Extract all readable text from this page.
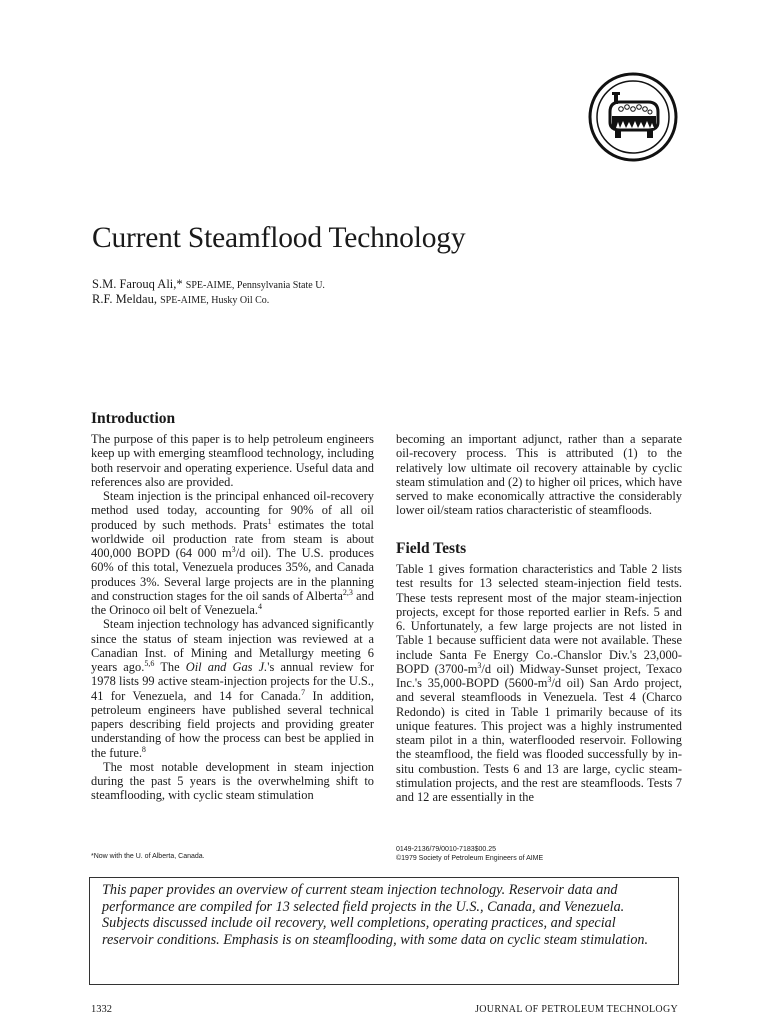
Current Steamflood Technology
S.M. Farouq Ali,* SPE-AIME, Pennsylvania State U.
R.F. Meldau, SPE-AIME, Husky Oil Co.
Introduction

The purpose of this paper is to help petroleum engineers keep up with emerging steamflood technology, including both reservoir and operating experience. Useful data and references also are provided.

Steam injection is the principal enhanced oil-recovery method used today, accounting for 90% of all oil produced by such methods. Prats$^1$ estimates the total worldwide oil production rate from steam is about 400,000 BOPD (64 000 $m^3/d$ oil). The U.S. produces 60% of this total, Venezuela produces 35%, and Canada produces 3%. Several large projects are in the planning and construction stages for the oil sands of Alberta$^{2,3}$ and the Orinoco oil belt of Venezuela.$^4$

Steam injection technology has advanced significantly since the status of steam injection was reviewed at a Canadian Inst. of Mining and Metallurgy meeting 6 years ago.$^{5,6}$ The Oil and Gas J.'s annual review for 1978 lists 99 active steam-injection projects for the U.S., 41 for Venezuela, and 14 for Canada.$^7$ In addition, petroleum engineers have published several technical papers describing field projects and providing greater understanding of how the process can best be applied in the future.$^8$

The most notable development in steam injection during the past 5 years is the overwhelming shift to steamflooding, with cyclic steam stimulation

becoming an important adjunct, rather than a separate oil-recovery process. This is attributed (1) to the relatively low ultimate oil recovery attainable by cyclic steam stimulation and (2) to higher oil prices, which have served to make economically attractive the considerably lower oil/steam ratios characteristic of steamfloods.

Field Tests

Table 1 gives formation characteristics and Table 2 lists test results for 13 selected steam-injection field tests. These tests represent most of the major steam-injection projects, except for those reported earlier in Refs. 5 and 6. Unfortunately, a few large projects are not listed in Table 1 because sufficient data were not available. These include Santa Fe Energy Co.-Chanslor Div.'s 23,000-BOPD ($3700-m^3/d$ oil) Midway-Sunset project, Texaco Inc.'s 35,000-BOPD ($5600-m^3/d$ oil) San Ardo project, and several steamfloods in Venezuela. Test 4 (Charco Redondo) is cited in Table 1 primarily because of its unique features. This project was a highly instrumented steam pilot in a thin, waterflooded reservoir. Following the steamflood, the field was flooded successfully by in-situ combustion. Tests 6 and 13 are large, cyclic steam-stimulation projects, and the rest are steamfloods. Tests 7 and 12 are essentially in the

*Now with the U. of Alberta, Canada.
0149-2136/79/0010-7183$00.25
©1979 Society of Petroleum Engineers of AIME
This paper provides an overview of current steam injection technology. Reservoir data and performance are compiled for 13 selected field projects in the U.S., Canada, and Venezuela. Subjects discussed include oil recovery, well completions, operating practices, and special reservoir conditions. Emphasis is on steamflooding, with some data on cyclic steam stimulation.
1332	JOURNAL OF PETROLEUM TECHNOLOGY
